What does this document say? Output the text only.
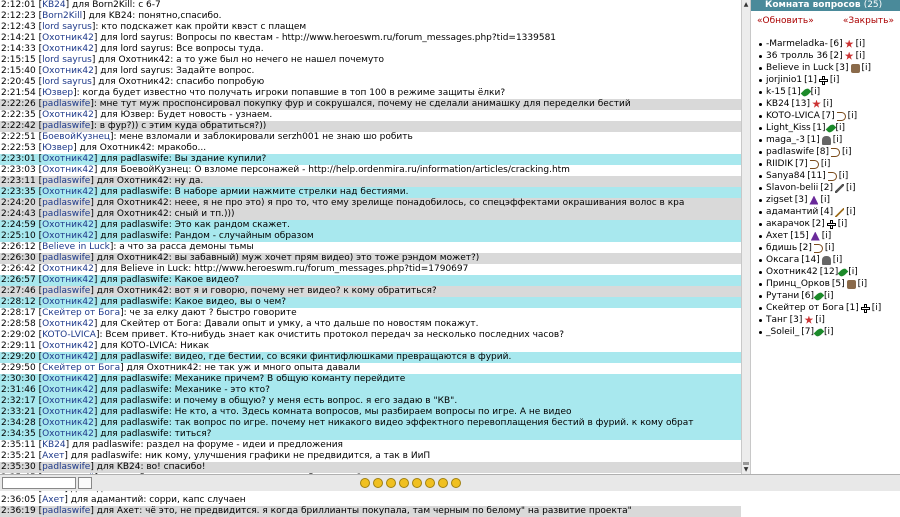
2:12:01 [KB24] для Born2Kill: с 6-7
2:12:23 [Born2Kill] для KB24: понятно,спасибо.
2:12:43 [lord sayrus]: кто подскажет как пройти квэст с плащем
2:14:21 [Охотник42] для lord sayrus: Вопросы по квестам - http://www.heroeswm.ru/forum_messages.php?tid=1339581
2:14:33 [Охотник42] для lord sayrus: Все вопросы туда.
2:15:15 [lord sayrus] для Охотник42: а то уже был но нечего не нашел почемуто
2:15:40 [Охотник42] для lord sayrus: Задайте вопрос.
2:20:45 [lord sayrus] для Охотник42: спасибо попробую
2:21:54 [Юзвер]: когда будет известно что получать игроки попавшие в топ 100 в режиме защиты ёлки?
2:22:26 [padlaswife]: мне тут муж проспонсировал покупку фур и сокрушался, почему не сделали анимашку для переделки бестий
2:22:35 [Охотник42] для Юзвер: Будет новость - узнаем.
2:22:42 [padlaswife]: в фур?)) с этим куда обратиться?))
2:22:51 [БоевойКузнец]: мене взломали и заблокировали serzh001 не знаю шо робить
2:22:53 [Юзвер] для Охотник42: мракобо...
2:23:01 [Охотник42] для padlaswife: Вы здание купили?
2:23:03 [Охотник42] для БоевойКузнец: О взломе персонажей - http://help.ordenmira.ru/information/articles/cracking.htm
2:23:11 [padlaswife] для Охотник42: ну да.
2:23:35 [Охотник42] для padlaswife: В наборе армии нажмите стрелки над бестиями.
2:24:20 [padlaswife] для Охотник42: неее, я не про это) я про то, что ему зрелище понадобилось, со спецэффектами окрашивания волос в кра
2:24:43 [padlaswife] для Охотник42: сный и тп.)))
2:24:59 [Охотник42] для padlaswife: Это как рандом скажет.
2:25:10 [Охотник42] для padlaswife: Рандом - случайным образом
2:26:12 [Believe in Luck]: а что за расса демоны тьмы
2:26:30 [padlaswife] для Охотник42: вы забавный) муж хочет прям видео) это тоже рэндом может?)
2:26:42 [Охотник42] для Believe in Luck: http://www.heroeswm.ru/forum_messages.php?tid=1790697
2:26:57 [Охотник42] для padlaswife: Какое видео?
2:27:46 [padlaswife] для Охотник42: вот я и говорю, почему нет видео? к кому обратиться?
2:28:12 [Охотник42] для padlaswife: Какое видео, вы о чем?
2:28:17 [Скейтер от Бога]: че за елку дают ? быстро говорите
2:28:58 [Охотник42] для Скейтер от Бога: Давали опыт и умку, а что дальше по новостям покажут.
2:29:02 [KOTO-LVICA]: Всем привет. Кто-нибудь знает как очистить протокол передач за несколько последних часов?
2:29:11 [Охотник42] для KOTO-LVICA: Никак
2:29:20 [Охотник42] для padlaswife: видео, где бестии, со всяки финтифлюшками превращаются в фурий.
2:29:50 [Скейтер от Бога] для Охотник42: не так уж и много опыта давали
2:30:30 [Охотник42] для padlaswife: Механике причем? В общую команту перейдите
2:31:46 [Охотник42] для padlaswife: Механике - это кто?
2:32:17 [Охотник42] для padlaswife: и почему в общую? у меня есть вопрос. я его задаю в "КВ".
2:33:21 [Охотник42] для padlaswife: Не кто, а что. Здесь комната вопросов, мы разбираем вопросы по игре. А не видео
2:34:28 [Охотник42] для padlaswife: так вопрос по игре. почему нет никакого видео эффектного перевоплащения бестий в фурий. к кому обрат
2:34:35 [Охотник42] для padlaswife: титься?
2:35:11 [KB24] для padlaswife: раздел на форуме - идеи и предложения
2:35:21 [Ахет] для padlaswife: ник кому, улучшения графики не предвидится, а так в ИиП
2:35:30 [padlaswife] для KB24: во! спасибо!
2:36:05 [Ахет] для адамантий: сорри, капс случаен
2:36:19 [padlaswife] для Ахет: чё это, не предвидится. я когда бриллианты покупала, там черным по белому" на развитие проекта"
▲
▼
Комната вопросов (25)
«Обновить»	«Закрыть»
-Marmeladka- [6] [i]
36 тролль 36 [2] [i]
Believe in Luck [3] [i]
jorjinio1 [1] [i]
k-15 [1] [i]
KB24 [13] [i]
KOTO-LVICA [7] [i]
Light_Kiss [1] [i]
maga_-3 [1] [i]
padlaswife [8] [i]
RIIDIK [7] [i]
Sanya84 [11] [i]
Slavon-belii [2] [i]
zigset [3] [i]
адамантий [4] [i]
акарачок [2] [i]
Ахет [15] [i]
бдишь [2] [i]
Оксага [14] [i]
Охотник42 [12] [i]
Принц_Орков [5] [i]
Рутани [6] [i]
Скейтер от Бога [1] [i]
Танг [3] [i]
_Soleil_ [7] [i]
